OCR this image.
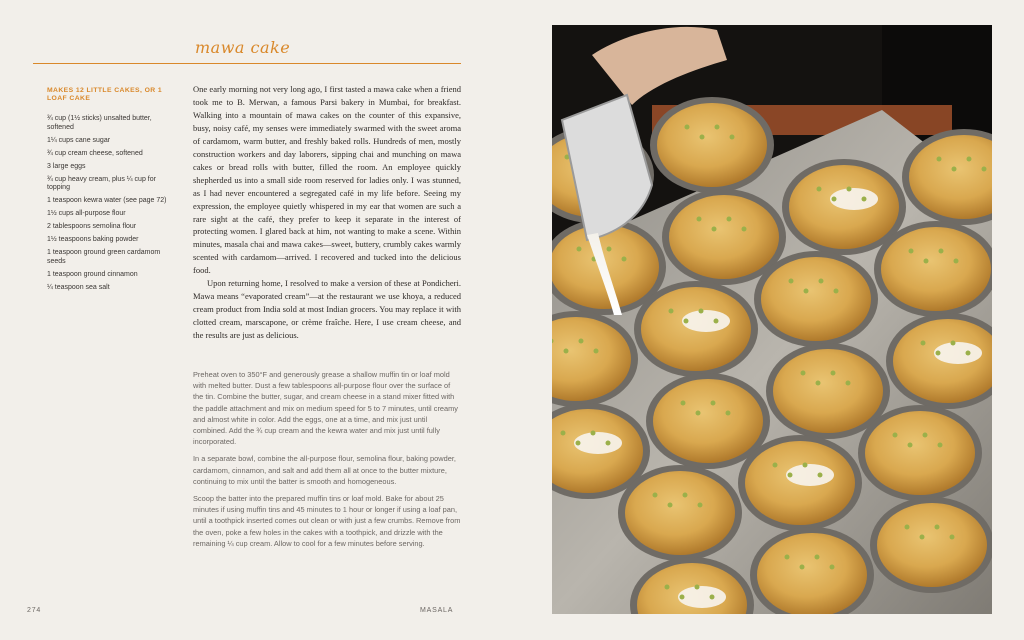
mawa cake
MAKES 12 LITTLE CAKES, OR 1 LOAF CAKE
¾ cup (1½ sticks) unsalted butter, softened
1¼ cups cane sugar
¾ cup cream cheese, softened
3 large eggs
¾ cup heavy cream, plus ¼ cup for topping
1 teaspoon kewra water (see page 72)
1½ cups all-purpose flour
2 tablespoons semolina flour
1½ teaspoons baking powder
1 teaspoon ground green cardamom seeds
1 teaspoon ground cinnamon
¼ teaspoon sea salt

One early morning not very long ago, I first tasted a mawa cake when a friend took me to B. Merwan, a famous Parsi bakery in Mumbai, for breakfast. Walking into a mountain of mawa cakes on the counter of this expansive, busy, noisy café, my senses were immediately swarmed with the sweet aroma of cardamom, warm butter, and freshly baked rolls. Hundreds of men, mostly construction workers and day laborers, sipping chai and munching on mawa cakes or bread rolls with butter, filled the room. An employee quickly shepherded us into a small side room reserved for ladies only. I was stunned, as I had never encountered a segregated café in my life before. Seeing my expression, the employee quietly whispered in my ear that women are such a rare sight at the café, they prefer to keep it separate in the interest of protecting women. I glared back at him, not wanting to make a scene. Within minutes, masala chai and mawa cakes—sweet, buttery, crumbly cakes warmly scented with cardamom—arrived. I recovered and tucked into the delicious food.

Upon returning home, I resolved to make a version of these at Pondicheri. Mawa means “evaporated cream”—at the restaurant we use khoya, a reduced cream product from India sold at most Indian grocers. You may replace it with clotted cream, marscapone, or crème fraîche. Here, I use cream cheese, and the results are just as delicious.

Preheat oven to 350°F and generously grease a shallow muffin tin or loaf mold with melted butter. Dust a few tablespoons all-purpose flour over the surface of the tin. Combine the butter, sugar, and cream cheese in a stand mixer fitted with the paddle attachment and mix on medium speed for 5 to 7 minutes, until creamy and almost white in color. Add the eggs, one at a time, and mix just until combined. Add the ¾ cup cream and the kewra water and mix just until fully incorporated.

In a separate bowl, combine the all-purpose flour, semolina flour, baking powder, cardamom, cinnamon, and salt and add them all at once to the butter mixture, continuing to mix until the batter is smooth and homogeneous.

Scoop the batter into the prepared muffin tins or loaf mold. Bake for about 25 minutes if using muffin tins and 45 minutes to 1 hour or longer if using a loaf pan, until a toothpick inserted comes out clean or with just a few crumbs. Remove from the oven, poke a few holes in the cakes with a toothpick, and drizzle with the remaining ¼ cup cream. Allow to cool for a few minutes before serving.

274	MASALA
